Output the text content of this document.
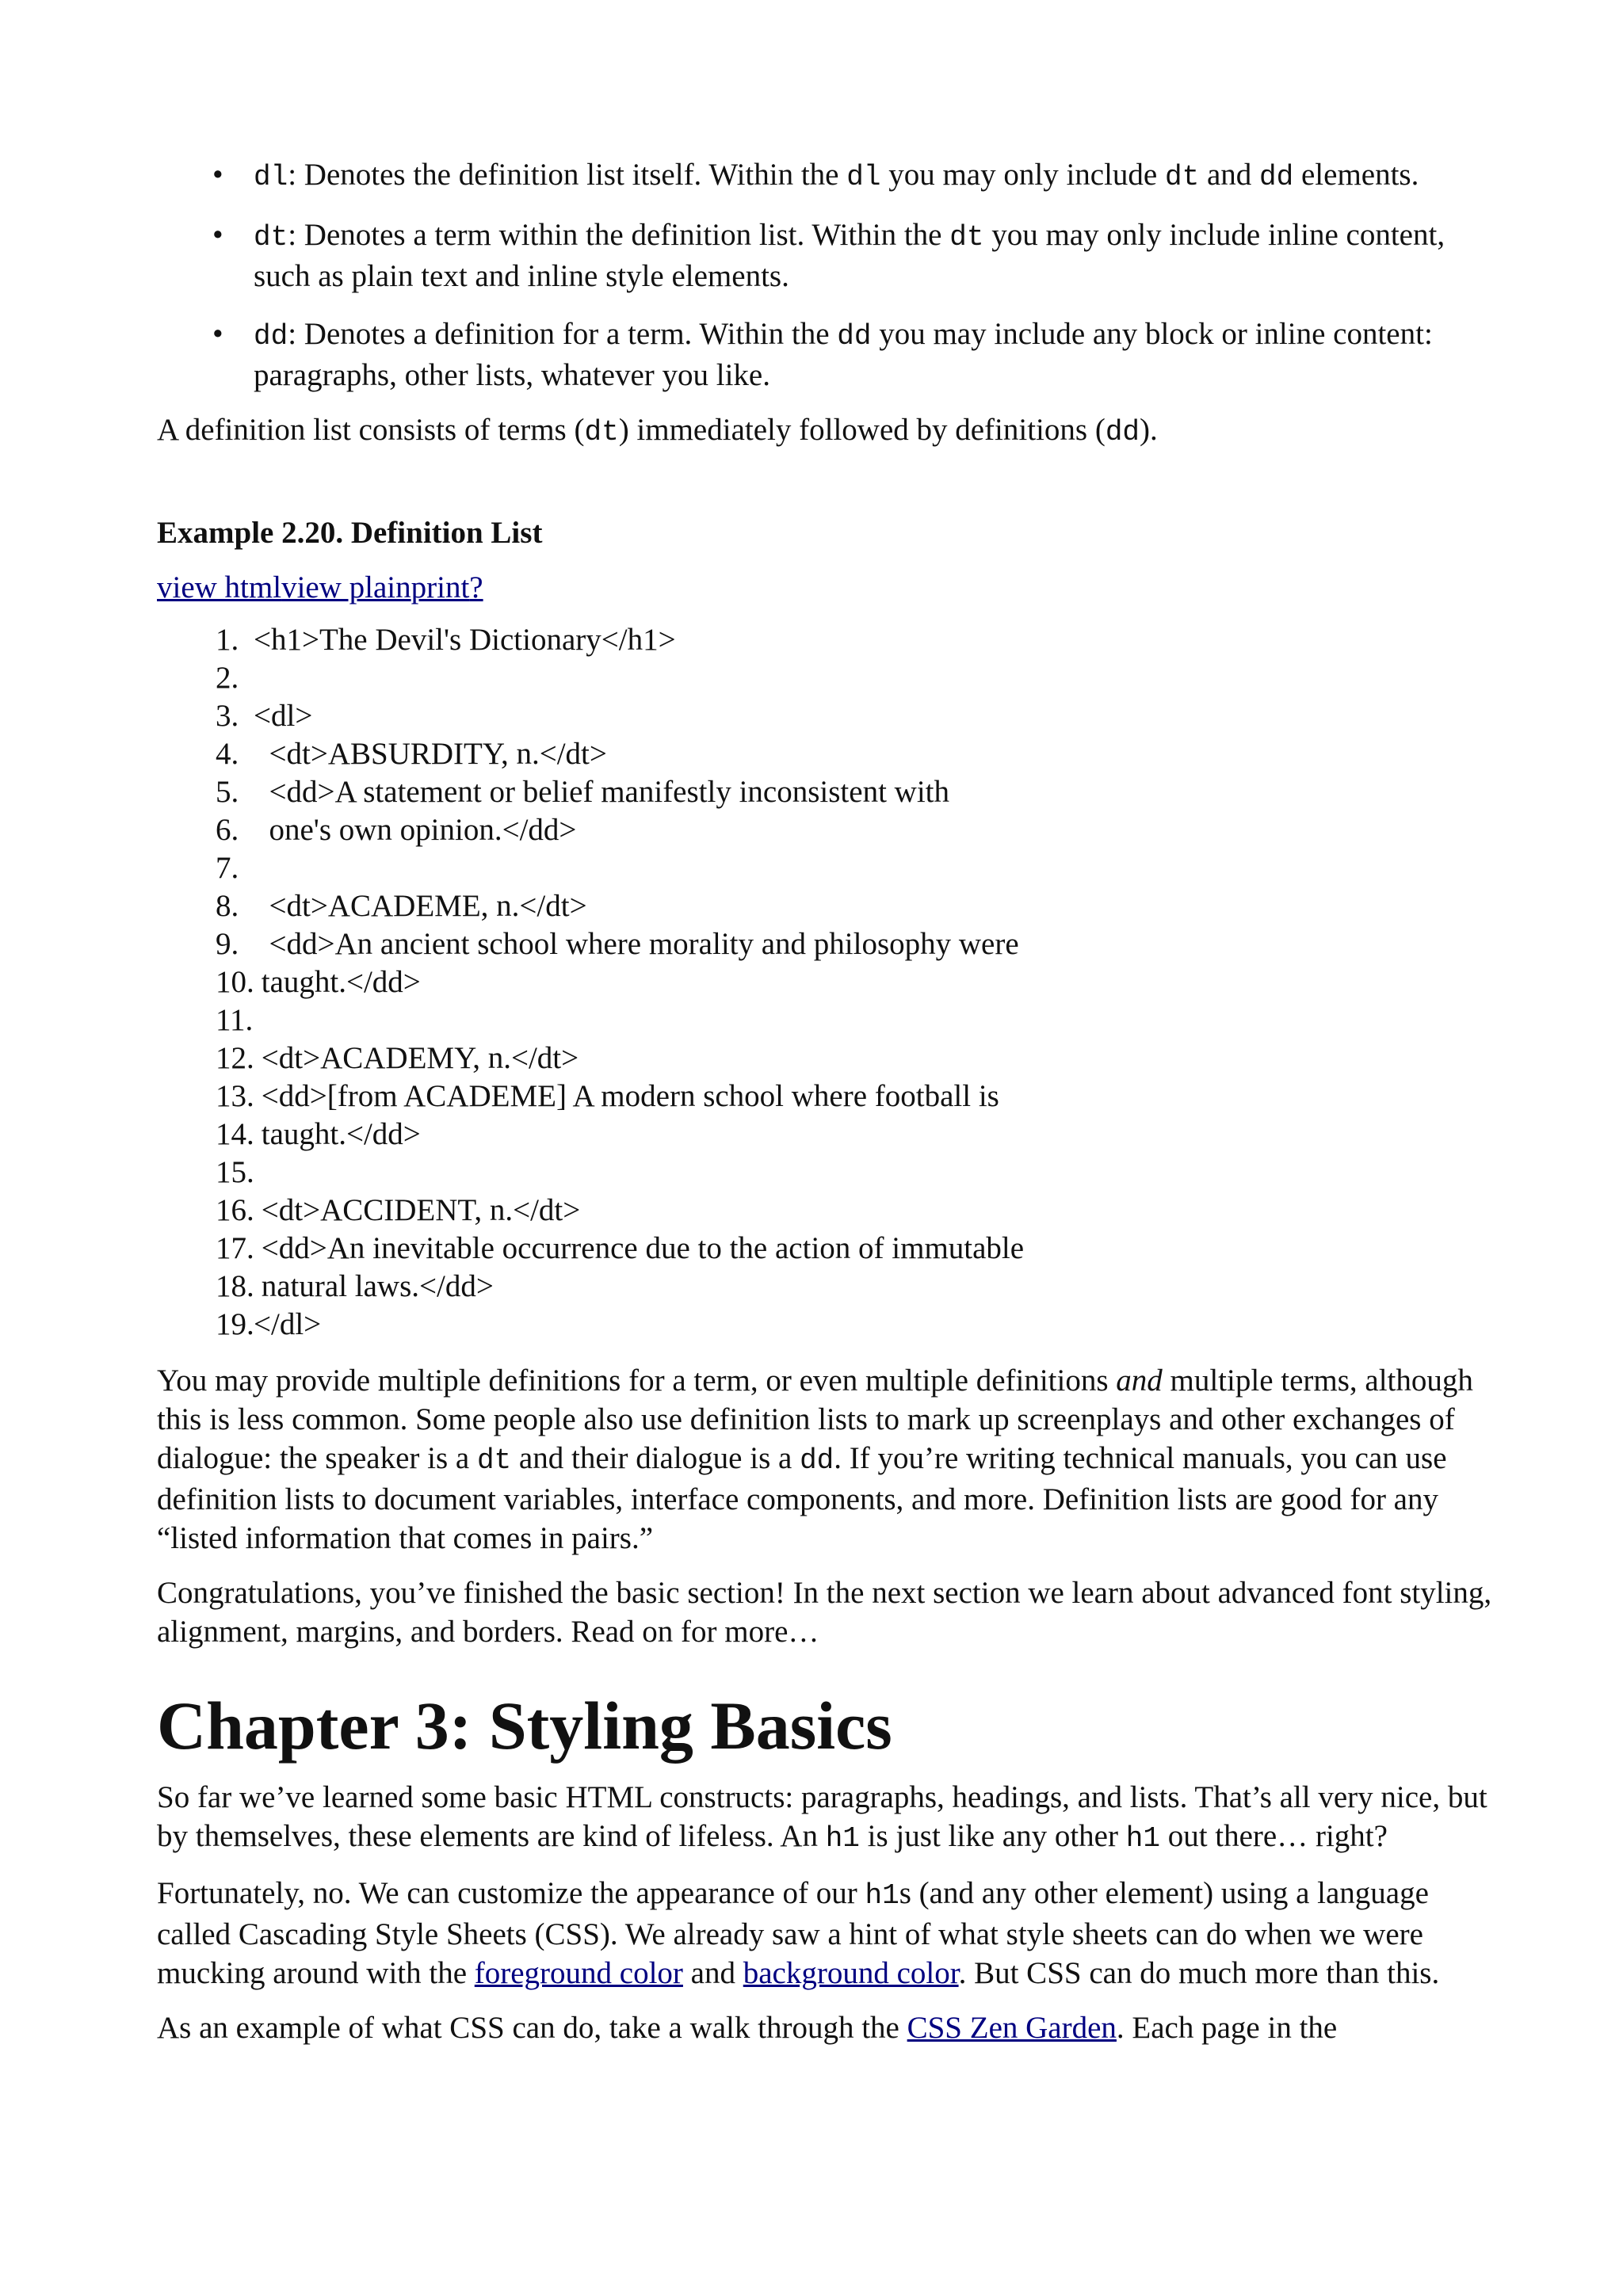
• dl: Denotes the definition list itself. Within the dl you may only include dt and dd elements.
• dt: Denotes a term within the definition list. Within the dt you may only include inline content, such as plain text and inline style elements.
• dd: Denotes a definition for a term. Within the dd you may include any block or inline content: paragraphs, other lists, whatever you like.

A definition list consists of terms (dt) immediately followed by definitions (dd).

Example 2.20. Definition List
view htmlview plainprint?
1. <h1>The Devil's Dictionary</h1>
2.
3. <dl>
4. <dt>ABSURDITY, n.</dt>
5. <dd>A statement or belief manifestly inconsistent with
6. one's own opinion.</dd>
7.
8. <dt>ACADEME, n.</dt>
9. <dd>An ancient school where morality and philosophy were
10. taught.</dd>
11.
12. <dt>ACADEMY, n.</dt>
13. <dd>[from ACADEME] A modern school where football is
14. taught.</dd>
15.
16. <dt>ACCIDENT, n.</dt>
17. <dd>An inevitable occurrence due to the action of immutable
18. natural laws.</dd>
19. </dl>

You may provide multiple definitions for a term, or even multiple definitions and multiple terms, although this is less common. Some people also use definition lists to mark up screenplays and other exchanges of dialogue: the speaker is a dt and their dialogue is a dd. If you’re writing technical manuals, you can use definition lists to document variables, interface components, and more. Definition lists are good for any “listed information that comes in pairs.”

Congratulations, you’ve finished the basic section! In the next section we learn about advanced font styling, alignment, margins, and borders. Read on for more…

Chapter 3: Styling Basics

So far we’ve learned some basic HTML constructs: paragraphs, headings, and lists. That’s all very nice, but by themselves, these elements are kind of lifeless. An h1 is just like any other h1 out there… right?

Fortunately, no. We can customize the appearance of our h1s (and any other element) using a language called Cascading Style Sheets (CSS). We already saw a hint of what style sheets can do when we were mucking around with the foreground color and background color. But CSS can do much more than this.

As an example of what CSS can do, take a walk through the CSS Zen Garden. Each page in the
